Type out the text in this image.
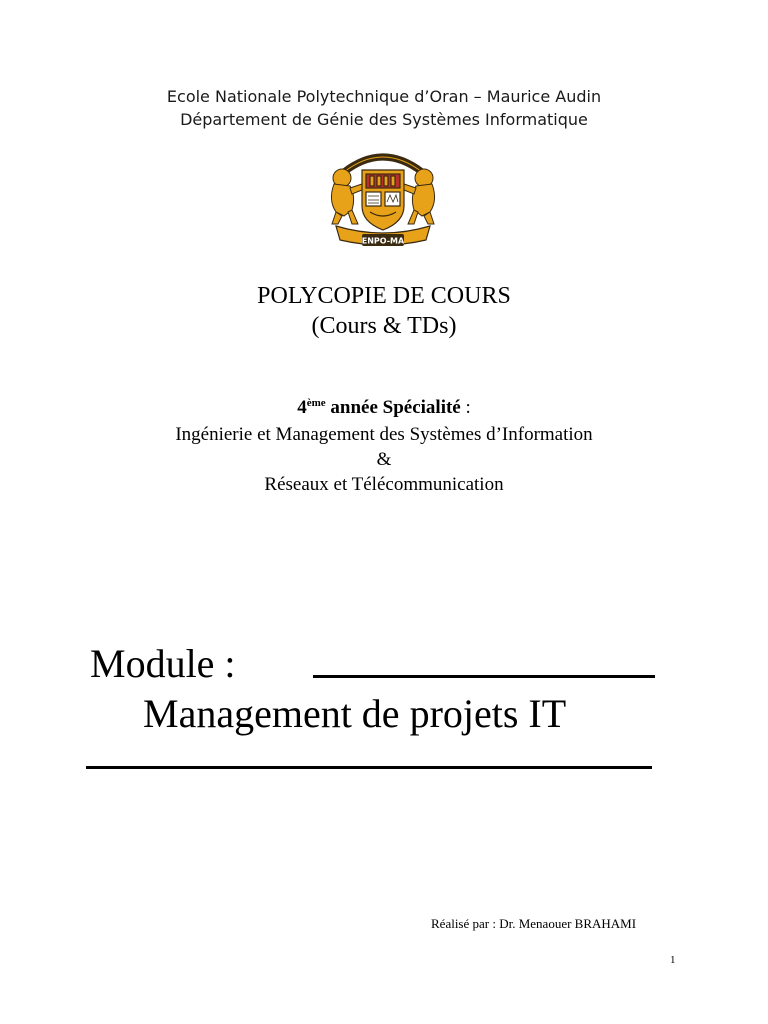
Ecole Nationale Polytechnique d’Oran – Maurice Audin
Département de Génie des Systèmes Informatique
ENPO-MA
POLYCOPIE DE COURS
(Cours & TDs)
4ème année Spécialité :
Ingénierie et Management des Systèmes d’Information
&
Réseaux et Télécommunication
Module :
Management de projets IT
Réalisé par : Dr. Menaouer BRAHAMI
1
